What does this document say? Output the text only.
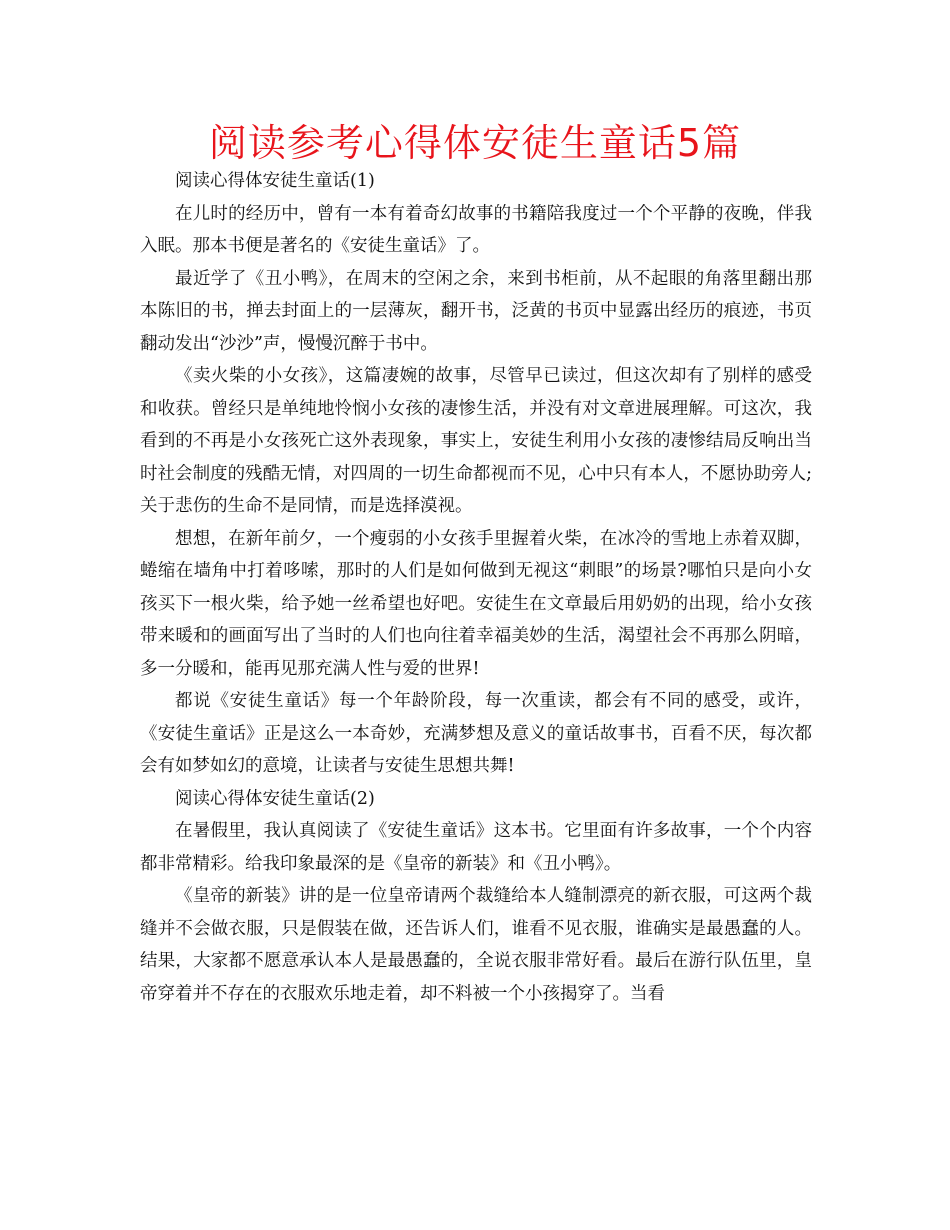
阅读参考心得体安徒生童话5篇

阅读心得体安徒生童话(1)

在儿时的经历中，曾有一本有着奇幻故事的书籍陪我度过一个个平静的夜晚，伴我入眠。那本书便是著名的《安徒生童话》了。

最近学了《丑小鸭》，在周末的空闲之余，来到书柜前，从不起眼的角落里翻出那本陈旧的书，掸去封面上的一层薄灰，翻开书，泛黄的书页中显露出经历的痕迹，书页翻动发出“沙沙”声，慢慢沉醉于书中。

《卖火柴的小女孩》，这篇凄婉的故事，尽管早已读过，但这次却有了别样的感受和收获。曾经只是单纯地怜悯小女孩的凄惨生活，并没有对文章进展理解。可这次，我看到的不再是小女孩死亡这外表现象，事实上，安徒生利用小女孩的凄惨结局反响出当时社会制度的残酷无情，对四周的一切生命都视而不见，心中只有本人，不愿协助旁人;关于悲伤的生命不是同情，而是选择漠视。

想想，在新年前夕，一个瘦弱的小女孩手里握着火柴，在冰冷的雪地上赤着双脚，蜷缩在墙角中打着哆嗦，那时的人们是如何做到无视这“刺眼”的场景?哪怕只是向小女孩买下一根火柴，给予她一丝希望也好吧。安徒生在文章最后用奶奶的出现，给小女孩带来暖和的画面写出了当时的人们也向往着幸福美妙的生活，渴望社会不再那么阴暗，多一分暖和，能再见那充满人性与爱的世界!

都说《安徒生童话》每一个年龄阶段，每一次重读，都会有不同的感受，或许，《安徒生童话》正是这么一本奇妙，充满梦想及意义的童话故事书，百看不厌，每次都会有如梦如幻的意境，让读者与安徒生思想共舞!

阅读心得体安徒生童话(2)

在暑假里，我认真阅读了《安徒生童话》这本书。它里面有许多故事，一个个内容都非常精彩。给我印象最深的是《皇帝的新装》和《丑小鸭》。

《皇帝的新装》讲的是一位皇帝请两个裁缝给本人缝制漂亮的新衣服，可这两个裁缝并不会做衣服，只是假装在做，还告诉人们，谁看不见衣服，谁确实是最愚蠢的人。结果，大家都不愿意承认本人是最愚蠢的，全说衣服非常好看。最后在游行队伍里，皇帝穿着并不存在的衣服欢乐地走着，却不料被一个小孩揭穿了。当看
